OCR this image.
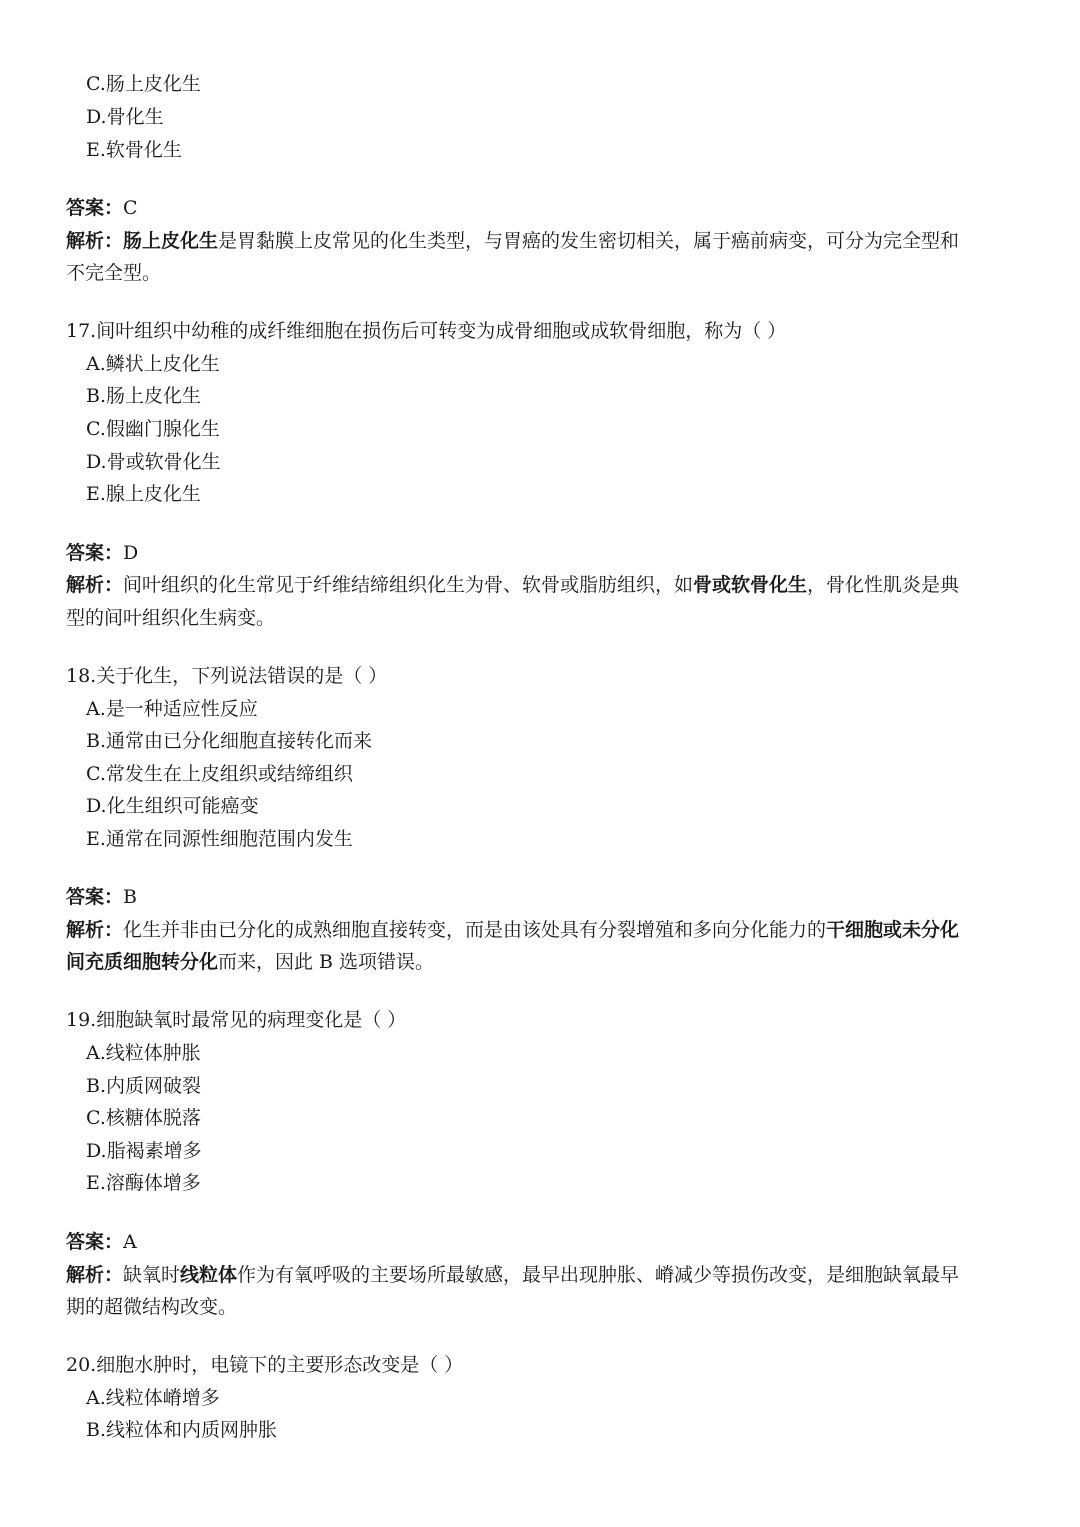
C.肠上皮化生
D.骨化生
E.软骨化生
答案：C
解析：肠上皮化生是胃黏膜上皮常见的化生类型，与胃癌的发生密切相关，属于癌前病变，可分为完全型和
不完全型。
17.间叶组织中幼稚的成纤维细胞在损伤后可转变为成骨细胞或成软骨细胞，称为（ ）
A.鳞状上皮化生
B.肠上皮化生
C.假幽门腺化生
D.骨或软骨化生
E.腺上皮化生
答案：D
解析：间叶组织的化生常见于纤维结缔组织化生为骨、软骨或脂肪组织，如骨或软骨化生，骨化性肌炎是典
型的间叶组织化生病变。
18.关于化生，下列说法错误的是（ ）
A.是一种适应性反应
B.通常由已分化细胞直接转化而来
C.常发生在上皮组织或结缔组织
D.化生组织可能癌变
E.通常在同源性细胞范围内发生
答案：B
解析：化生并非由已分化的成熟细胞直接转变，而是由该处具有分裂增殖和多向分化能力的干细胞或未分化
间充质细胞转分化而来，因此 B 选项错误。
19.细胞缺氧时最常见的病理变化是（ ）
A.线粒体肿胀
B.内质网破裂
C.核糖体脱落
D.脂褐素增多
E.溶酶体增多
答案：A
解析：缺氧时线粒体作为有氧呼吸的主要场所最敏感，最早出现肿胀、嵴减少等损伤改变，是细胞缺氧最早
期的超微结构改变。
20.细胞水肿时，电镜下的主要形态改变是（ ）
A.线粒体嵴增多
B.线粒体和内质网肿胀
